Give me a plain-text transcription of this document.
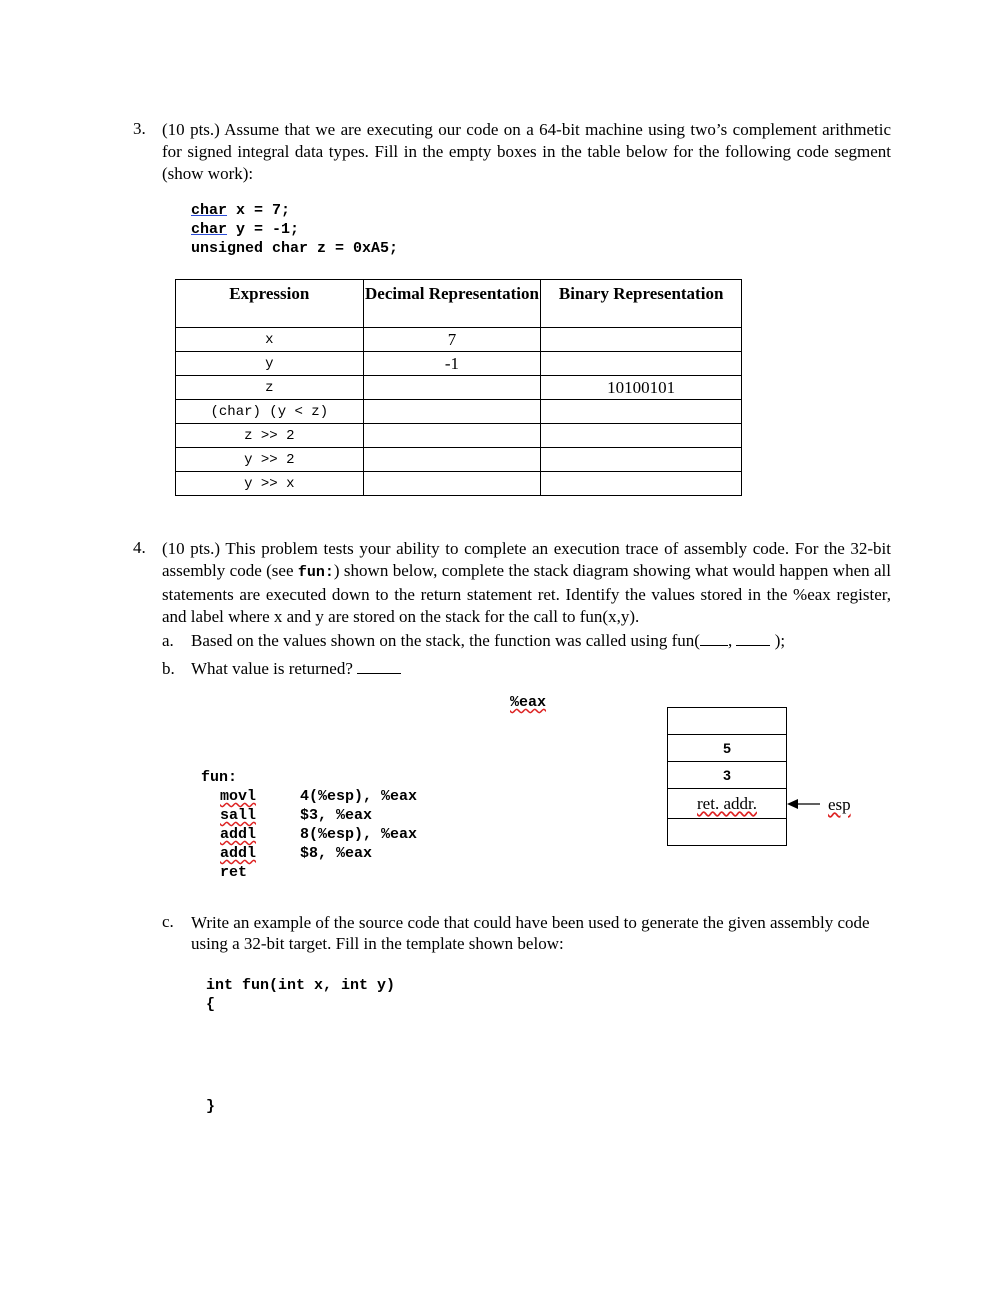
3. (10 pts.) Assume that we are executing our code on a 64-bit machine using two’s complement arithmetic for signed integral data types. Fill in the empty boxes in the table below for the following code segment (show work):
char x = 7;
char y = -1;
unsigned char z = 0xA5;
Expression	Decimal Representation	Binary Representation
x	7	
y	-1	
z		10100101
(char) (y < z)		
z >> 2		
y >> 2		
y >> x		
4. (10 pts.) This problem tests your ability to complete an execution trace of assembly code. For the 32-bit assembly code (see fun:) shown below, complete the stack diagram showing what would happen when all statements are executed down to the return statement ret. Identify the values stored in the %eax register, and label where x and y are stored on the stack for the call to fun(x,y).
a. Based on the values shown on the stack, the function was called using fun( ,	);
b. What value is returned?
%eax
fun:
movl	4(%esp), %eax
sall	$3, %eax
addl	8(%esp), %eax
addl	$8, %eax
ret
5
3
ret. addr.	esp
c. Write an example of the source code that could have been used to generate the given assembly code using a 32-bit target. Fill in the template shown below:
int fun(int x, int y)
{
}
